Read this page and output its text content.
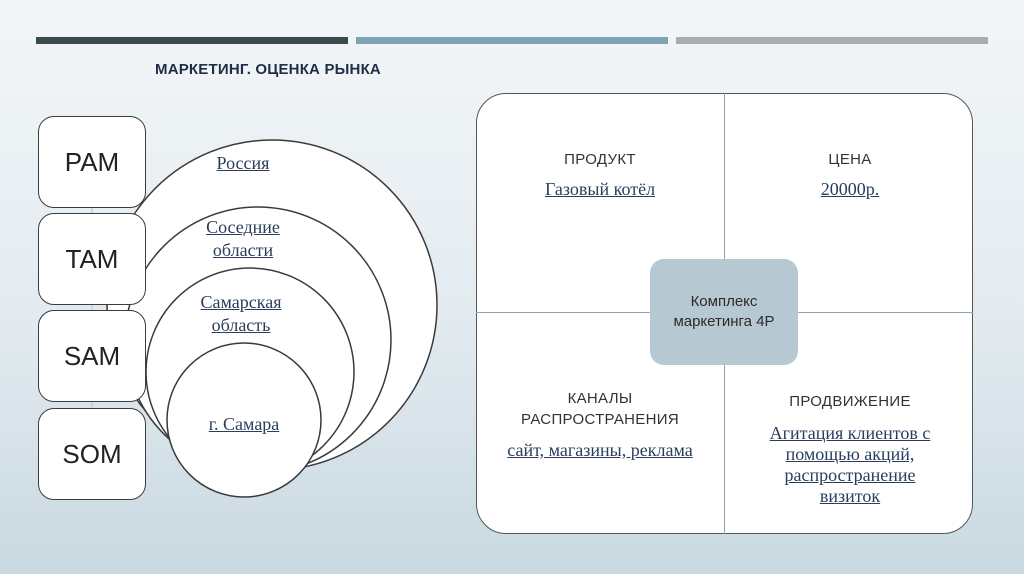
МАРКЕТИНГ. ОЦЕНКА РЫНКА
Россия
Соседние
области
Самарская
область
г. Самара
PAM
TAM
SAM
SOM
ПРОДУКТ
Газовый котёл
ЦЕНА
20000р.
КАНАЛЫ
РАСПРОСТРАНЕНИЯ
сайт, магазины, реклама
ПРОДВИЖЕНИЕ
Агитация клиентов с
помощью акций,
распространение
визиток
Комплекс
маркетинга 4P
